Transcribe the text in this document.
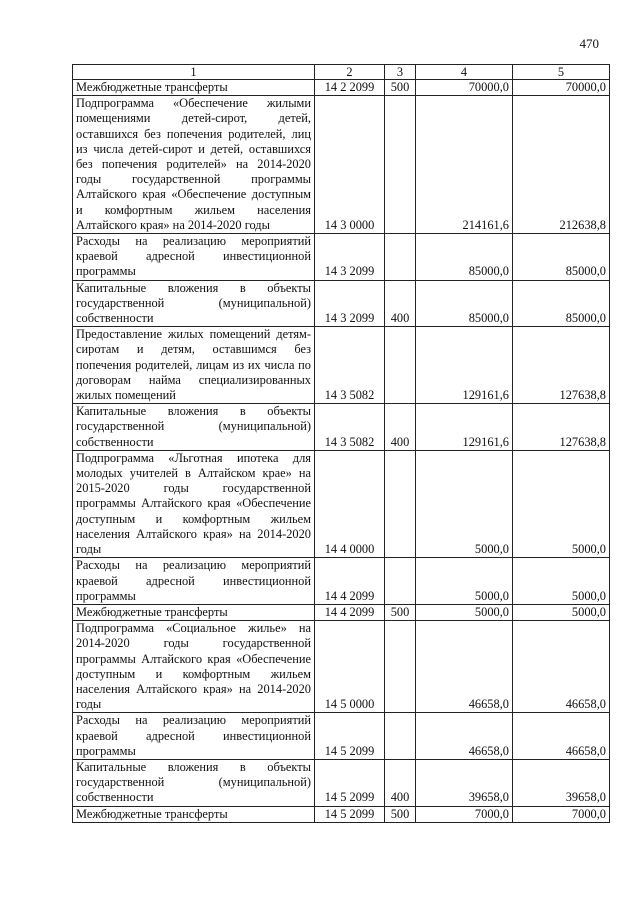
470
1	2	3	4	5
Межбюджетные трансферты	14 2 2099	500	70000,0	70000,0
Подпрограмма «Обеспечение жилыми помещениями детей-сирот, детей, оставшихся без попечения родителей, лиц из числа детей-сирот и детей, оставшихся без попечения родителей» на 2014-2020 годы государственной программы Алтайского края «Обеспечение доступным и комфортным жильем населения Алтайского края» на 2014-2020 годы	14 3 0000		214161,6	212638,8
Расходы на реализацию мероприятий краевой адресной инвестиционной программы	14 3 2099		85000,0	85000,0
Капитальные вложения в объекты государственной (муниципальной) собственности	14 3 2099	400	85000,0	85000,0
Предоставление жилых помещений детям-сиротам и детям, оставшимся без попечения родителей, лицам из их числа по договорам найма специализированных жилых помещений	14 3 5082		129161,6	127638,8
Капитальные вложения в объекты государственной (муниципальной) собственности	14 3 5082	400	129161,6	127638,8
Подпрограмма «Льготная ипотека для молодых учителей в Алтайском крае» на 2015-2020 годы государственной программы Алтайского края «Обеспечение доступным и комфортным жильем населения Алтайского края» на 2014-2020 годы	14 4 0000		5000,0	5000,0
Расходы на реализацию мероприятий краевой адресной инвестиционной программы	14 4 2099		5000,0	5000,0
Межбюджетные трансферты	14 4 2099	500	5000,0	5000,0
Подпрограмма «Социальное жилье» на 2014-2020 годы государственной программы Алтайского края «Обеспечение доступным и комфортным жильем населения Алтайского края» на 2014-2020 годы	14 5 0000		46658,0	46658,0
Расходы на реализацию мероприятий краевой адресной инвестиционной программы	14 5 2099		46658,0	46658,0
Капитальные вложения в объекты государственной (муниципальной) собственности	14 5 2099	400	39658,0	39658,0
Межбюджетные трансферты	14 5 2099	500	7000,0	7000,0
